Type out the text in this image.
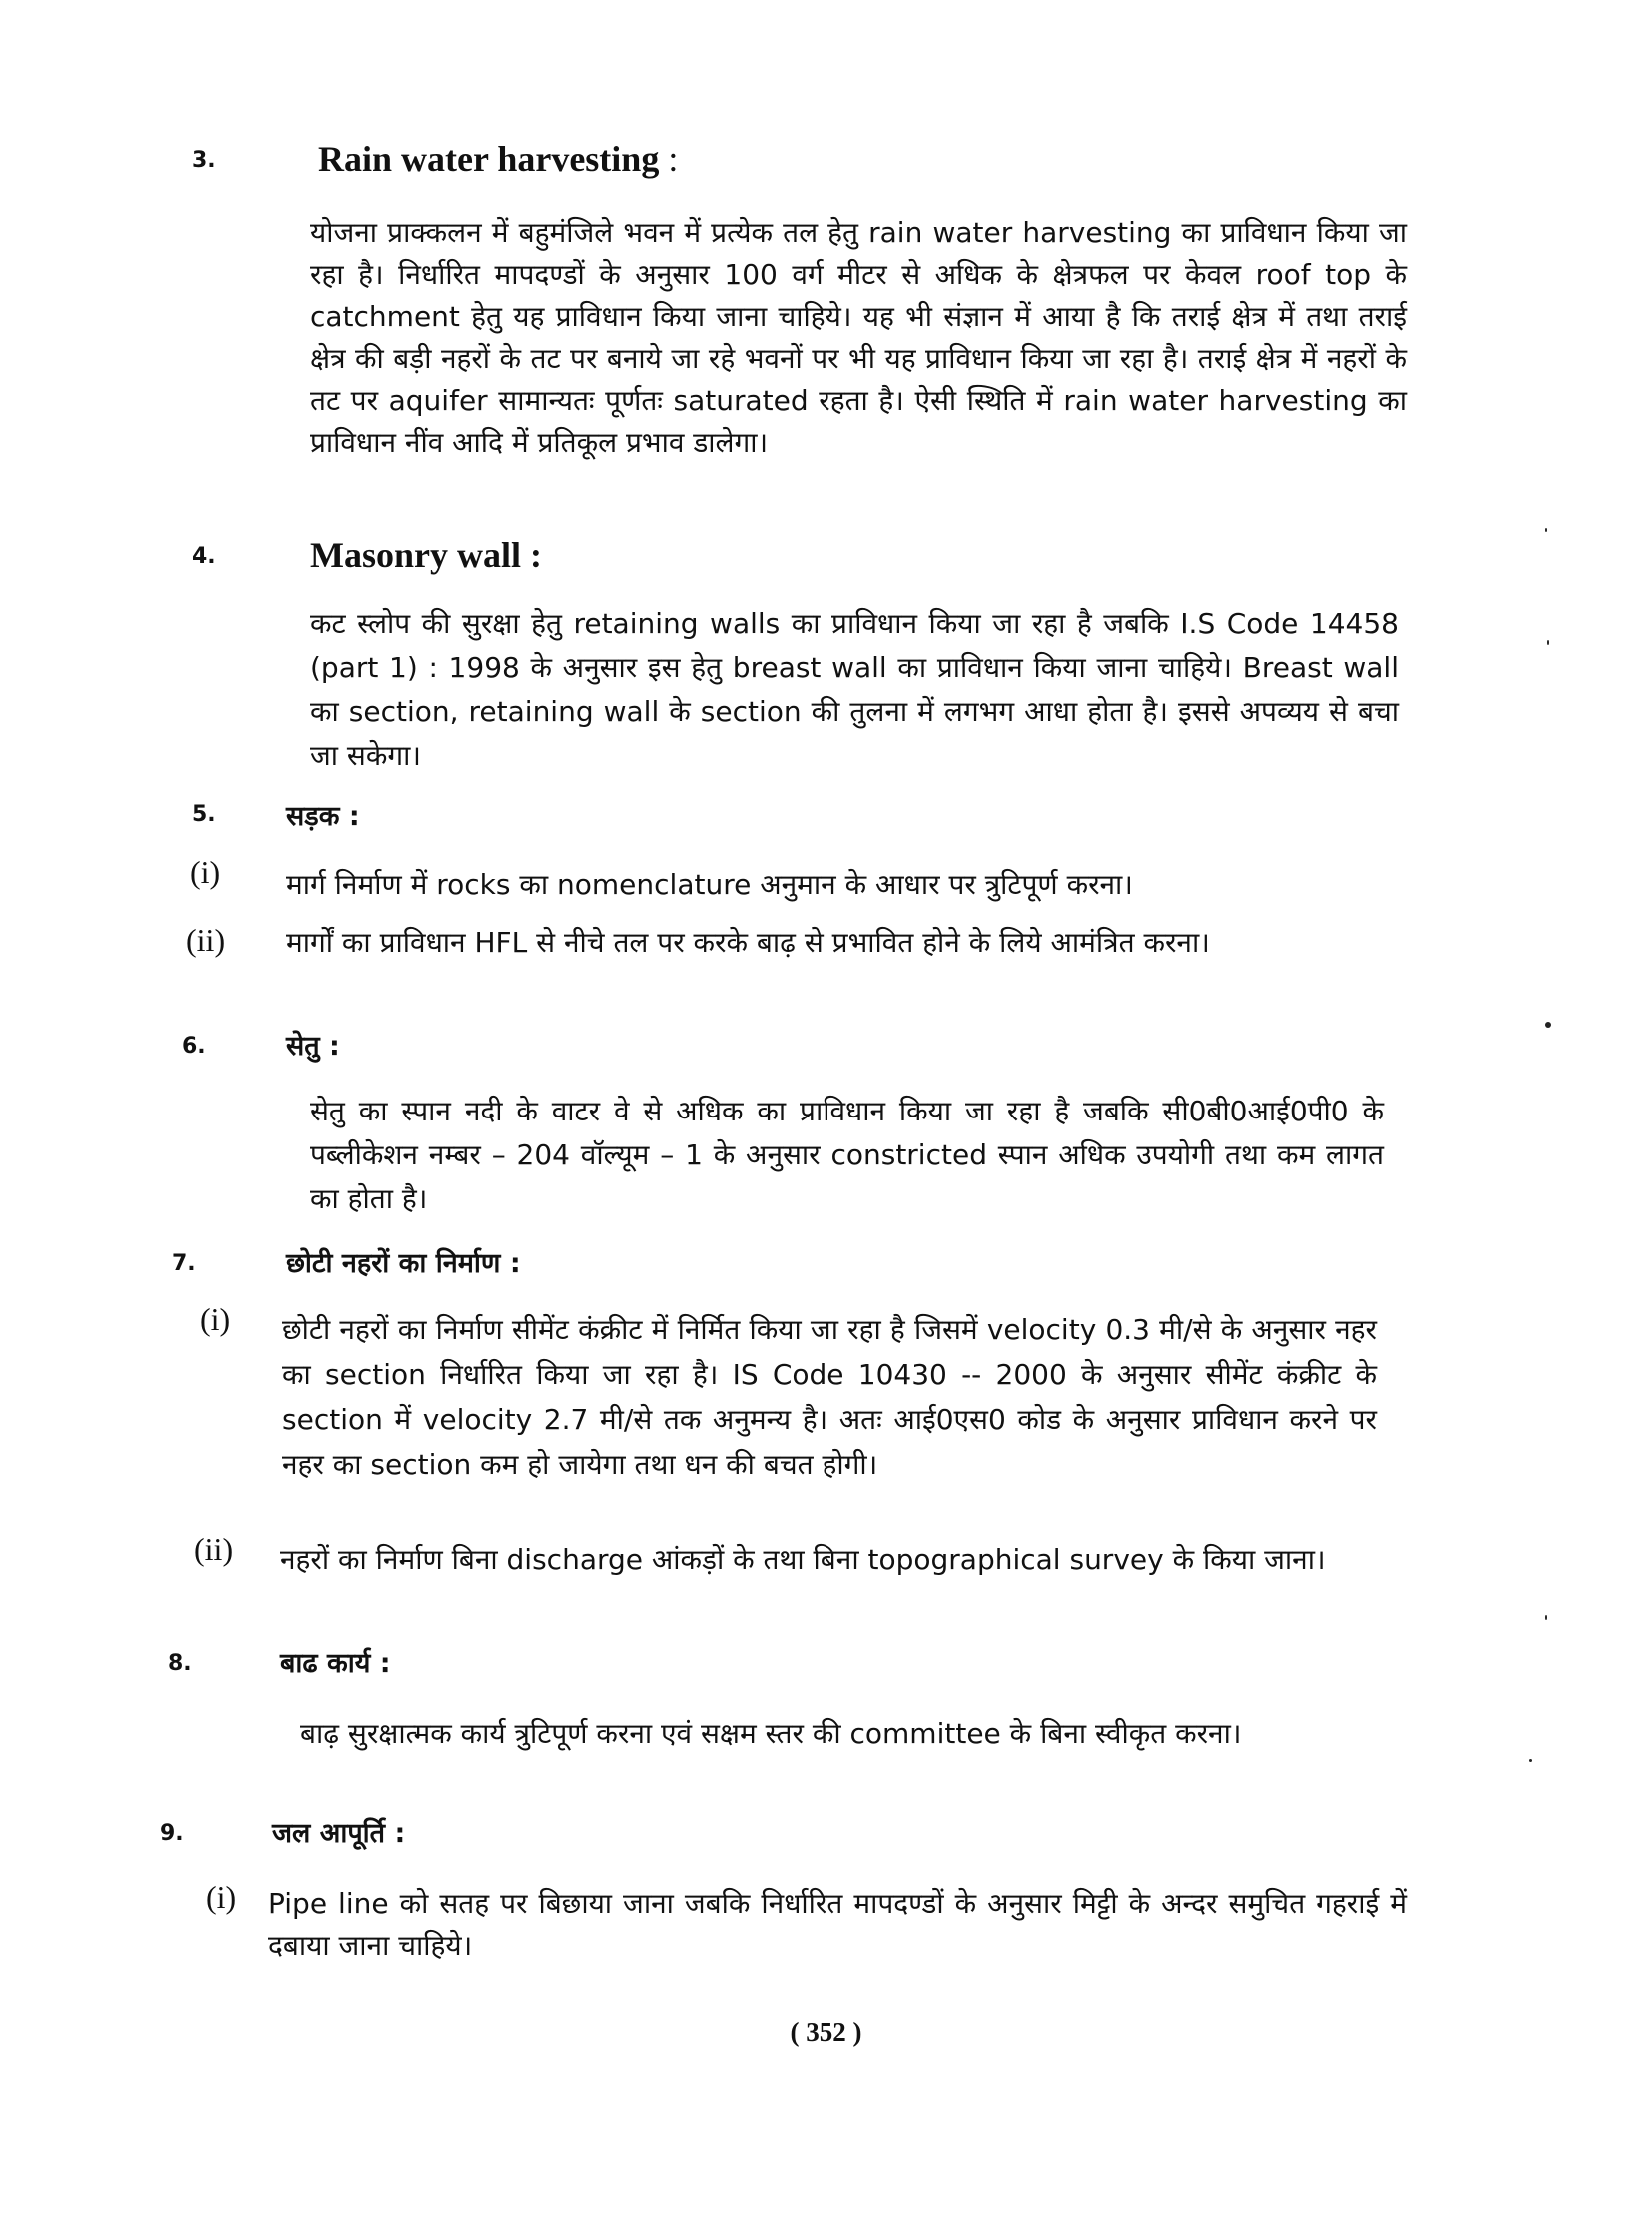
3.	Rain water harvesting :

योजना प्राक्कलन में बहुमंजिले भवन में प्रत्येक तल हेतु rain water harvesting का प्राविधान किया जा रहा है। निर्धारित मापदण्डों के अनुसार 100 वर्ग मीटर से अधिक के क्षेत्रफल पर केवल roof top के catchment हेतु यह प्राविधान किया जाना चाहिये। यह भी संज्ञान में आया है कि तराई क्षेत्र में तथा तराई क्षेत्र की बड़ी नहरों के तट पर बनाये जा रहे भवनों पर भी यह प्राविधान किया जा रहा है। तराई क्षेत्र में नहरों के तट पर aquifer सामान्यतः पूर्णतः saturated रहता है। ऐसी स्थिति में rain water harvesting का प्राविधान नींव आदि में प्रतिकूल प्रभाव डालेगा।

4.	Masonry wall :

कट स्लोप की सुरक्षा हेतु retaining walls का प्राविधान किया जा रहा है जबकि I.S Code 14458 (part 1) : 1998 के अनुसार इस हेतु breast wall का प्राविधान किया जाना चाहिये। Breast wall का section, retaining wall के section की तुलना में लगभग आधा होता है। इससे अपव्यय से बचा जा सकेगा।

5.	सड़क :
(i) मार्ग निर्माण में rocks का nomenclature अनुमान के आधार पर त्रुटिपूर्ण करना।

(ii) मार्गों का प्राविधान HFL से नीचे तल पर करके बाढ़ से प्रभावित होने के लिये आमंत्रित करना।

6.	सेतु :

सेतु का स्पान नदी के वाटर वे से अधिक का प्राविधान किया जा रहा है जबकि सी0बी0आई0पी0 के पब्लीकेशन नम्बर – 204 वॉल्यूम – 1 के अनुसार constricted स्पान अधिक उपयोगी तथा कम लागत का होता है।

7.	छोटी नहरों का निर्माण :
(i) छोटी नहरों का निर्माण सीमेंट कंक्रीट में निर्मित किया जा रहा है जिसमें velocity 0.3 मी/से के अनुसार नहर का section निर्धारित किया जा रहा है। IS Code 10430 -- 2000 के अनुसार सीमेंट कंक्रीट के section में velocity 2.7 मी/से तक अनुमन्य है। अतः आई0एस0 कोड के अनुसार प्राविधान करने पर नहर का section कम हो जायेगा तथा धन की बचत होगी।

(ii) नहरों का निर्माण बिना discharge आंकड़ों के तथा बिना topographical survey के किया जाना।

8.	बाढ कार्य :

बाढ़ सुरक्षात्मक कार्य त्रुटिपूर्ण करना एवं सक्षम स्तर की committee के बिना स्वीकृत करना।

9.	जल आपूर्ति :
(i) Pipe line को सतह पर बिछाया जाना जबकि निर्धारित मापदण्डों के अनुसार मिट्टी के अन्दर समुचित गहराई में दबाया जाना चाहिये।

( 352 )
